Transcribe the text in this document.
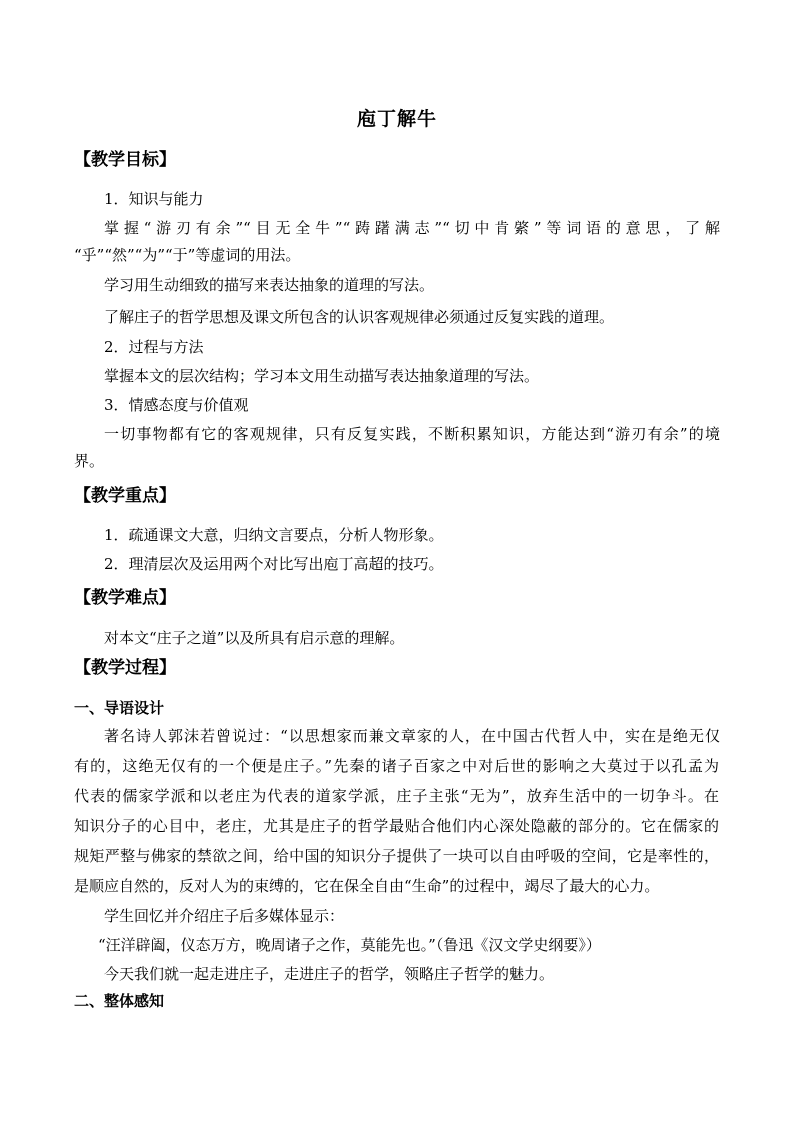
庖丁解牛
【教学目标】
1．知识与能力
掌握“游刃有余”“目无全牛”“踌躇满志”“切中肯綮”等词语的意思，了解
“乎”“然”“为”“于”等虚词的用法。
学习用生动细致的描写来表达抽象的道理的写法。
了解庄子的哲学思想及课文所包含的认识客观规律必须通过反复实践的道理。
2．过程与方法
掌握本文的层次结构；学习本文用生动描写表达抽象道理的写法。
3．情感态度与价值观
一切事物都有它的客观规律，只有反复实践，不断积累知识，方能达到“游刃有余”的境
界。
【教学重点】
1．疏通课文大意，归纳文言要点，分析人物形象。
2．理清层次及运用两个对比写出庖丁高超的技巧。
【教学难点】
对本文“庄子之道”以及所具有启示意的理解。
【教学过程】
一、导语设计
著名诗人郭沫若曾说过：“以思想家而兼文章家的人，在中国古代哲人中，实在是绝无仅
有的，这绝无仅有的一个便是庄子。”先秦的诸子百家之中对后世的影响之大莫过于以孔孟为
代表的儒家学派和以老庄为代表的道家学派，庄子主张“无为”，放弃生活中的一切争斗。在
知识分子的心目中，老庄，尤其是庄子的哲学最贴合他们内心深处隐蔽的部分的。它在儒家的
规矩严整与佛家的禁欲之间，给中国的知识分子提供了一块可以自由呼吸的空间，它是率性的，
是顺应自然的，反对人为的束缚的，它在保全自由“生命”的过程中，竭尽了最大的心力。
学生回忆并介绍庄子后多媒体显示：
“汪洋辟阖，仪态万方，晚周诸子之作，莫能先也。”（鲁迅《汉文学史纲要》）
今天我们就一起走进庄子，走进庄子的哲学，领略庄子哲学的魅力。
二、整体感知
